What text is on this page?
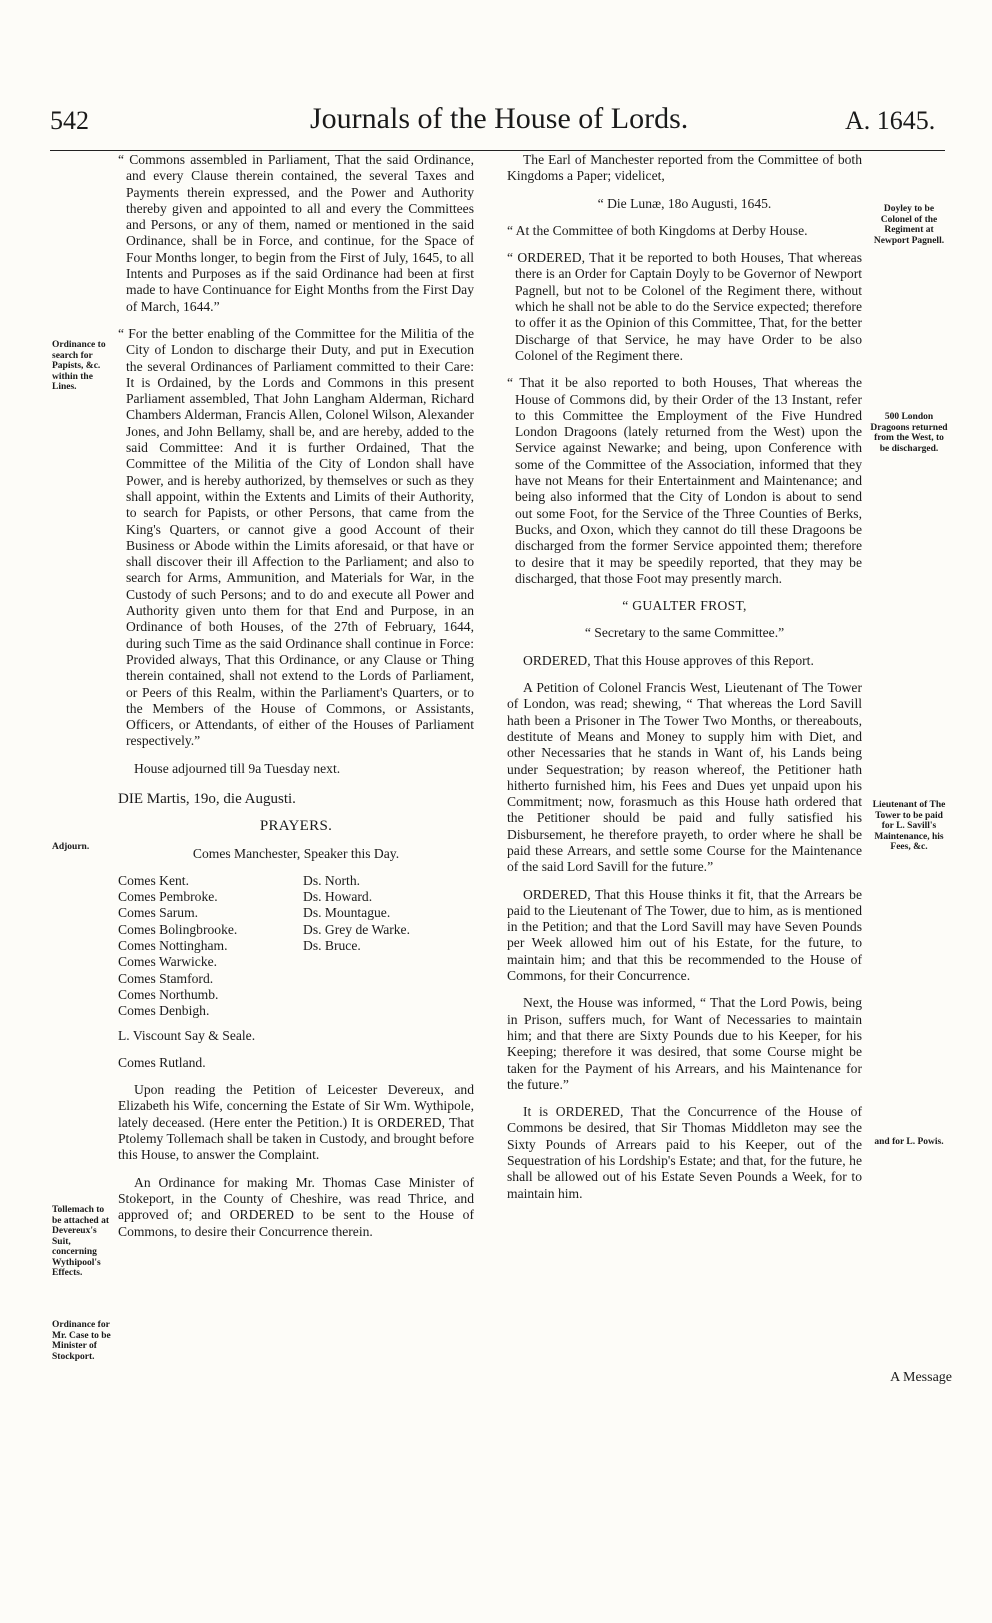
542	Journals of the House of Lords.	A. 1645.

“ Commons assembled in Parliament, That the said Ordinance, and every Clause therein contained, the several Taxes and Payments therein expressed, and the Power and Authority thereby given and appointed to all and every the Committees and Persons, or any of them, named or mentioned in the said Ordinance, shall be in Force, and continue, for the Space of Four Months longer, to begin from the First of July, 1645, to all Intents and Purposes as if the said Ordinance had been at first made to have Continuance for Eight Months from the First Day of March, 1644.”

“ For the better enabling of the Committee for the Militia of the City of London to discharge their Duty, and put in Execution the several Ordinances of Parliament committed to their Care: It is Ordained, by the Lords and Commons in this present Parliament assembled, That John Langham Alderman, Richard Chambers Alderman, Francis Allen, Colonel Wilson, Alexander Jones, and John Bellamy, shall be, and are hereby, added to the said Committee: And it is further Ordained, That the Committee of the Militia of the City of London shall have Power, and is hereby authorized, by themselves or such as they shall appoint, within the Extents and Limits of their Authority, to search for Papists, or other Persons, that came from the King's Quarters, or cannot give a good Account of their Business or Abode within the Limits aforesaid, or that have or shall discover their ill Affection to the Parliament; and also to search for Arms, Ammunition, and Materials for War, in the Custody of such Persons; and to do and execute all Power and Authority given unto them for that End and Purpose, in an Ordinance of both Houses, of the 27th of February, 1644, during such Time as the said Ordinance shall continue in Force: Provided always, That this Ordinance, or any Clause or Thing therein contained, shall not extend to the Lords of Parliament, or Peers of this Realm, within the Parliament's Quarters, or to the Members of the House of Commons, or Assistants, Officers, or Attendants, of either of the Houses of Parliament respectively.”

House adjourned till 9a Tuesday next.

DIE Martis, 19o, die Augusti.

PRAYERS.

Comes Manchester, Speaker this Day.

Comes Kent.
Comes Pembroke.
Comes Sarum.
Comes Bolingbrooke.
Comes Nottingham.
Comes Warwicke.
Comes Stamford.
Comes Northumb.
Comes Denbigh.
Ds. North.
Ds. Howard.
Ds. Mountague.
Ds. Grey de Warke.
Ds. Bruce.

L. Viscount Say & Seale.

Comes Rutland.

Upon reading the Petition of Leicester Devereux, and Elizabeth his Wife, concerning the Estate of Sir Wm. Wythipole, lately deceased. (Here enter the Petition.) It is ORDERED, That Ptolemy Tollemach shall be taken in Custody, and brought before this House, to answer the Complaint.

An Ordinance for making Mr. Thomas Case Minister of Stokeport, in the County of Cheshire, was read Thrice, and approved of; and ORDERED to be sent to the House of Commons, to desire their Concurrence therein.

The Earl of Manchester reported from the Committee of both Kingdoms a Paper; videlicet,

“ Die Lunæ, 18o Augusti, 1645.

“ At the Committee of both Kingdoms at Derby House.

“ ORDERED, That it be reported to both Houses, That whereas there is an Order for Captain Doyly to be Governor of Newport Pagnell, but not to be Colonel of the Regiment there, without which he shall not be able to do the Service expected; therefore to offer it as the Opinion of this Committee, That, for the better Discharge of that Service, he may have Order to be also Colonel of the Regiment there.

“ That it be also reported to both Houses, That whereas the House of Commons did, by their Order of the 13 Instant, refer to this Committee the Employment of the Five Hundred London Dragoons (lately returned from the West) upon the Service against Newarke; and being, upon Conference with some of the Committee of the Association, informed that they have not Means for their Entertainment and Maintenance; and being also informed that the City of London is about to send out some Foot, for the Service of the Three Counties of Berks, Bucks, and Oxon, which they cannot do till these Dragoons be discharged from the former Service appointed them; therefore to desire that it may be speedily reported, that they may be discharged, that those Foot may presently march.

“ GUALTER FROST,

“ Secretary to the same Committee.”

ORDERED, That this House approves of this Report.

A Petition of Colonel Francis West, Lieutenant of The Tower of London, was read; shewing, “ That whereas the Lord Savill hath been a Prisoner in The Tower Two Months, or thereabouts, destitute of Means and Money to supply him with Diet, and other Necessaries that he stands in Want of, his Lands being under Sequestration; by reason whereof, the Petitioner hath hitherto furnished him, his Fees and Dues yet unpaid upon his Commitment; now, forasmuch as this House hath ordered that the Petitioner should be paid and fully satisfied his Disbursement, he therefore prayeth, to order where he shall be paid these Arrears, and settle some Course for the Maintenance of the said Lord Savill for the future.”

ORDERED, That this House thinks it fit, that the Arrears be paid to the Lieutenant of The Tower, due to him, as is mentioned in the Petition; and that the Lord Savill may have Seven Pounds per Week allowed him out of his Estate, for the future, to maintain him; and that this be recommended to the House of Commons, for their Concurrence.

Next, the House was informed, “ That the Lord Powis, being in Prison, suffers much, for Want of Necessaries to maintain him; and that there are Sixty Pounds due to his Keeper, for his Keeping; therefore it was desired, that some Course might be taken for the Payment of his Arrears, and his Maintenance for the future.”

It is ORDERED, That the Concurrence of the House of Commons be desired, that Sir Thomas Middleton may see the Sixty Pounds of Arrears paid to his Keeper, out of the Sequestration of his Lordship's Estate; and that, for the future, he shall be allowed out of his Estate Seven Pounds a Week, for to maintain him.

A Message
Ordinance to search for Papists, &c. within the Lines.
Adjourn.
Tollemach to be attached at Devereux's Suit, concerning Wythipool's Effects.
Ordinance for Mr. Case to be Minister of Stockport.
Doyley to be Colonel of the Regiment at Newport Pagnell.
500 London Dragoons returned from the West, to be discharged.
Lieutenant of The Tower to be paid for L. Savill's Maintenance, his Fees, &c.
and for L. Powis.
